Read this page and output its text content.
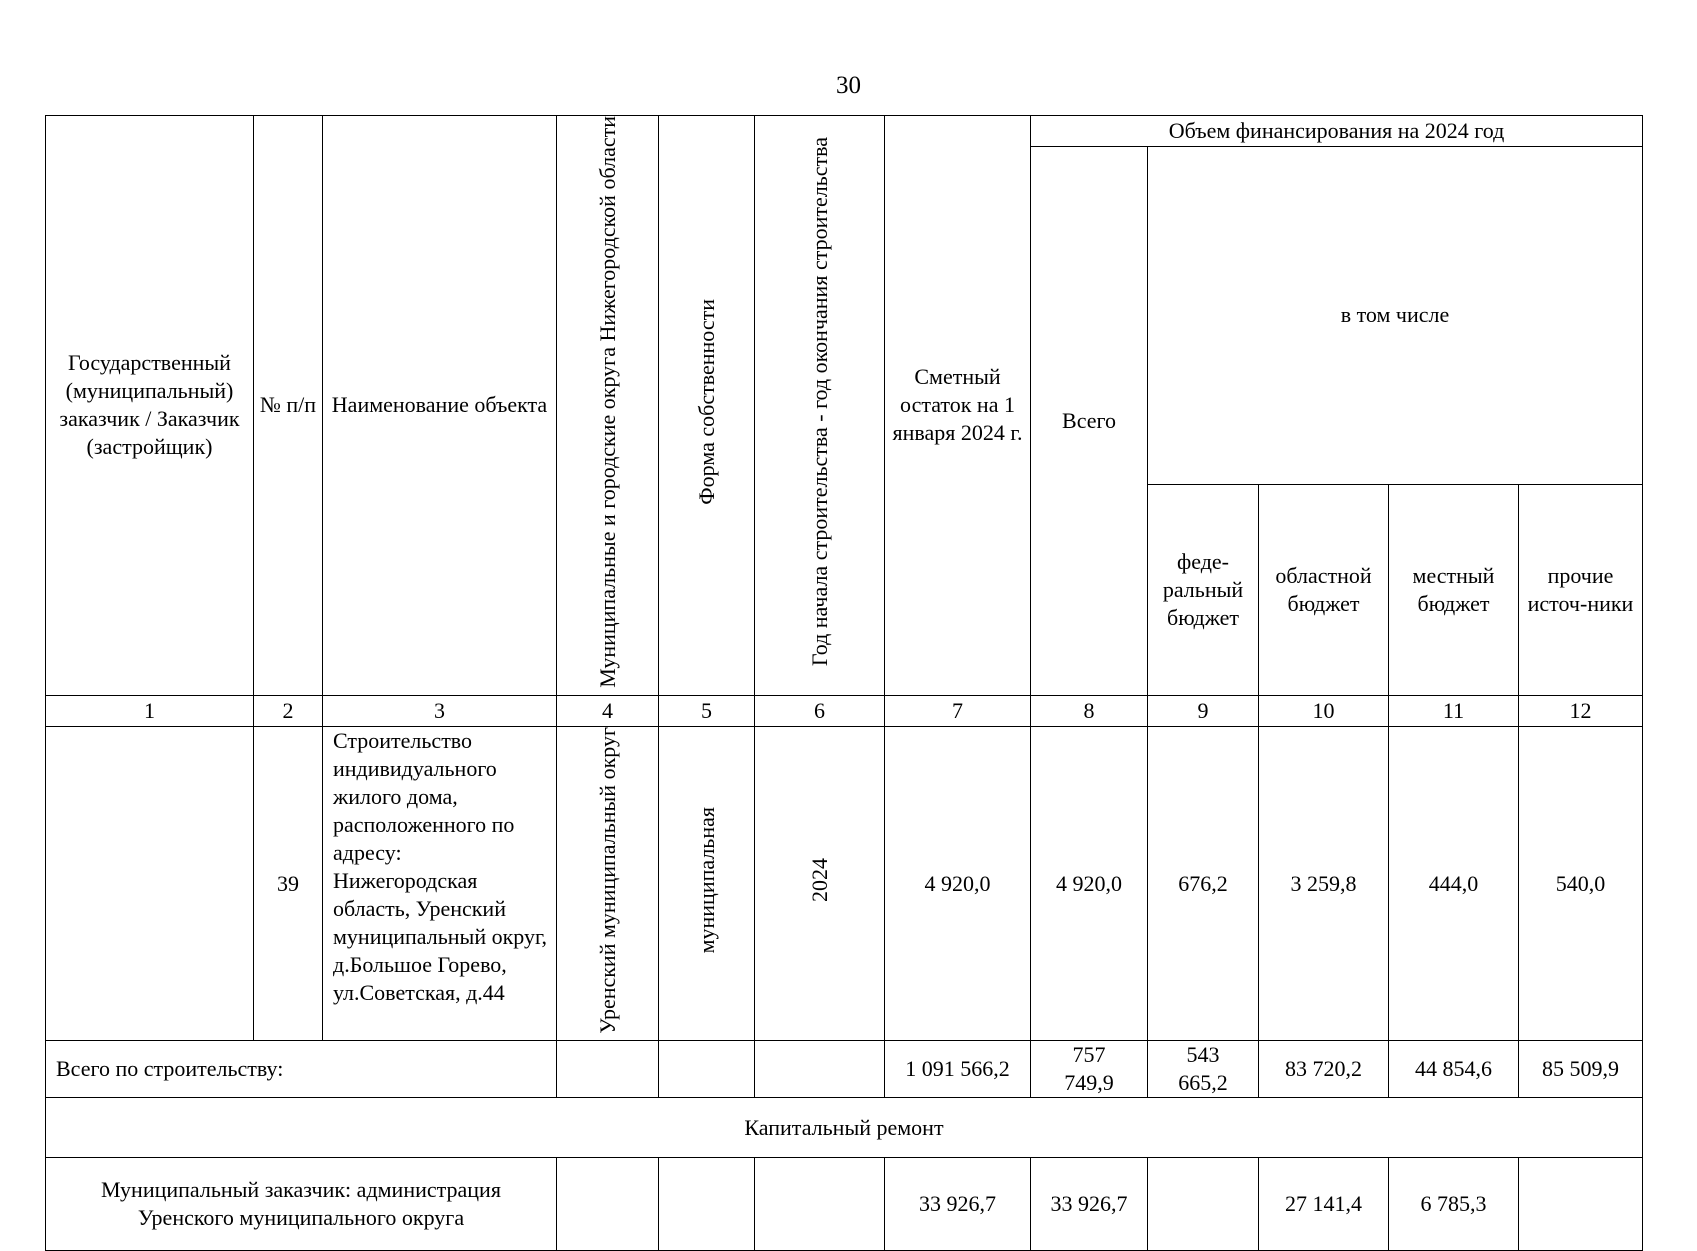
30
Государственный (муниципальный) заказчик / Заказчик (застройщик)	№ п/п	Наименование объекта	Муниципальные и городские округа Нижегородской области	Форма собственности	Год начала строительства - год окончания строительства	Сметный остаток на 1 января 2024 г.	Объем финансирования на 2024 год				
							Всего	в том числе			
								феде-ральный бюджет	областной бюджет	местный бюджет	прочие источ-ники
1	2	3	4	5	6	7	8	9	10	11	12
	39	Строительство индивидуального жилого дома, расположенного по адресу: Нижегородская область, Уренский муниципальный округ, д.Большое Горево, ул.Советская, д.44	Уренский муниципальный округ	муниципальная	2024	4 920,0	4 920,0	676,2	3 259,8	444,0	540,0
Всего по строительству:						1 091 566,2	757 749,9	543 665,2	83 720,2	44 854,6	85 509,9
Капитальный ремонт											
Муниципальный заказчик: администрация Уренского муниципального округа						33 926,7	33 926,7		27 141,4	6 785,3	
